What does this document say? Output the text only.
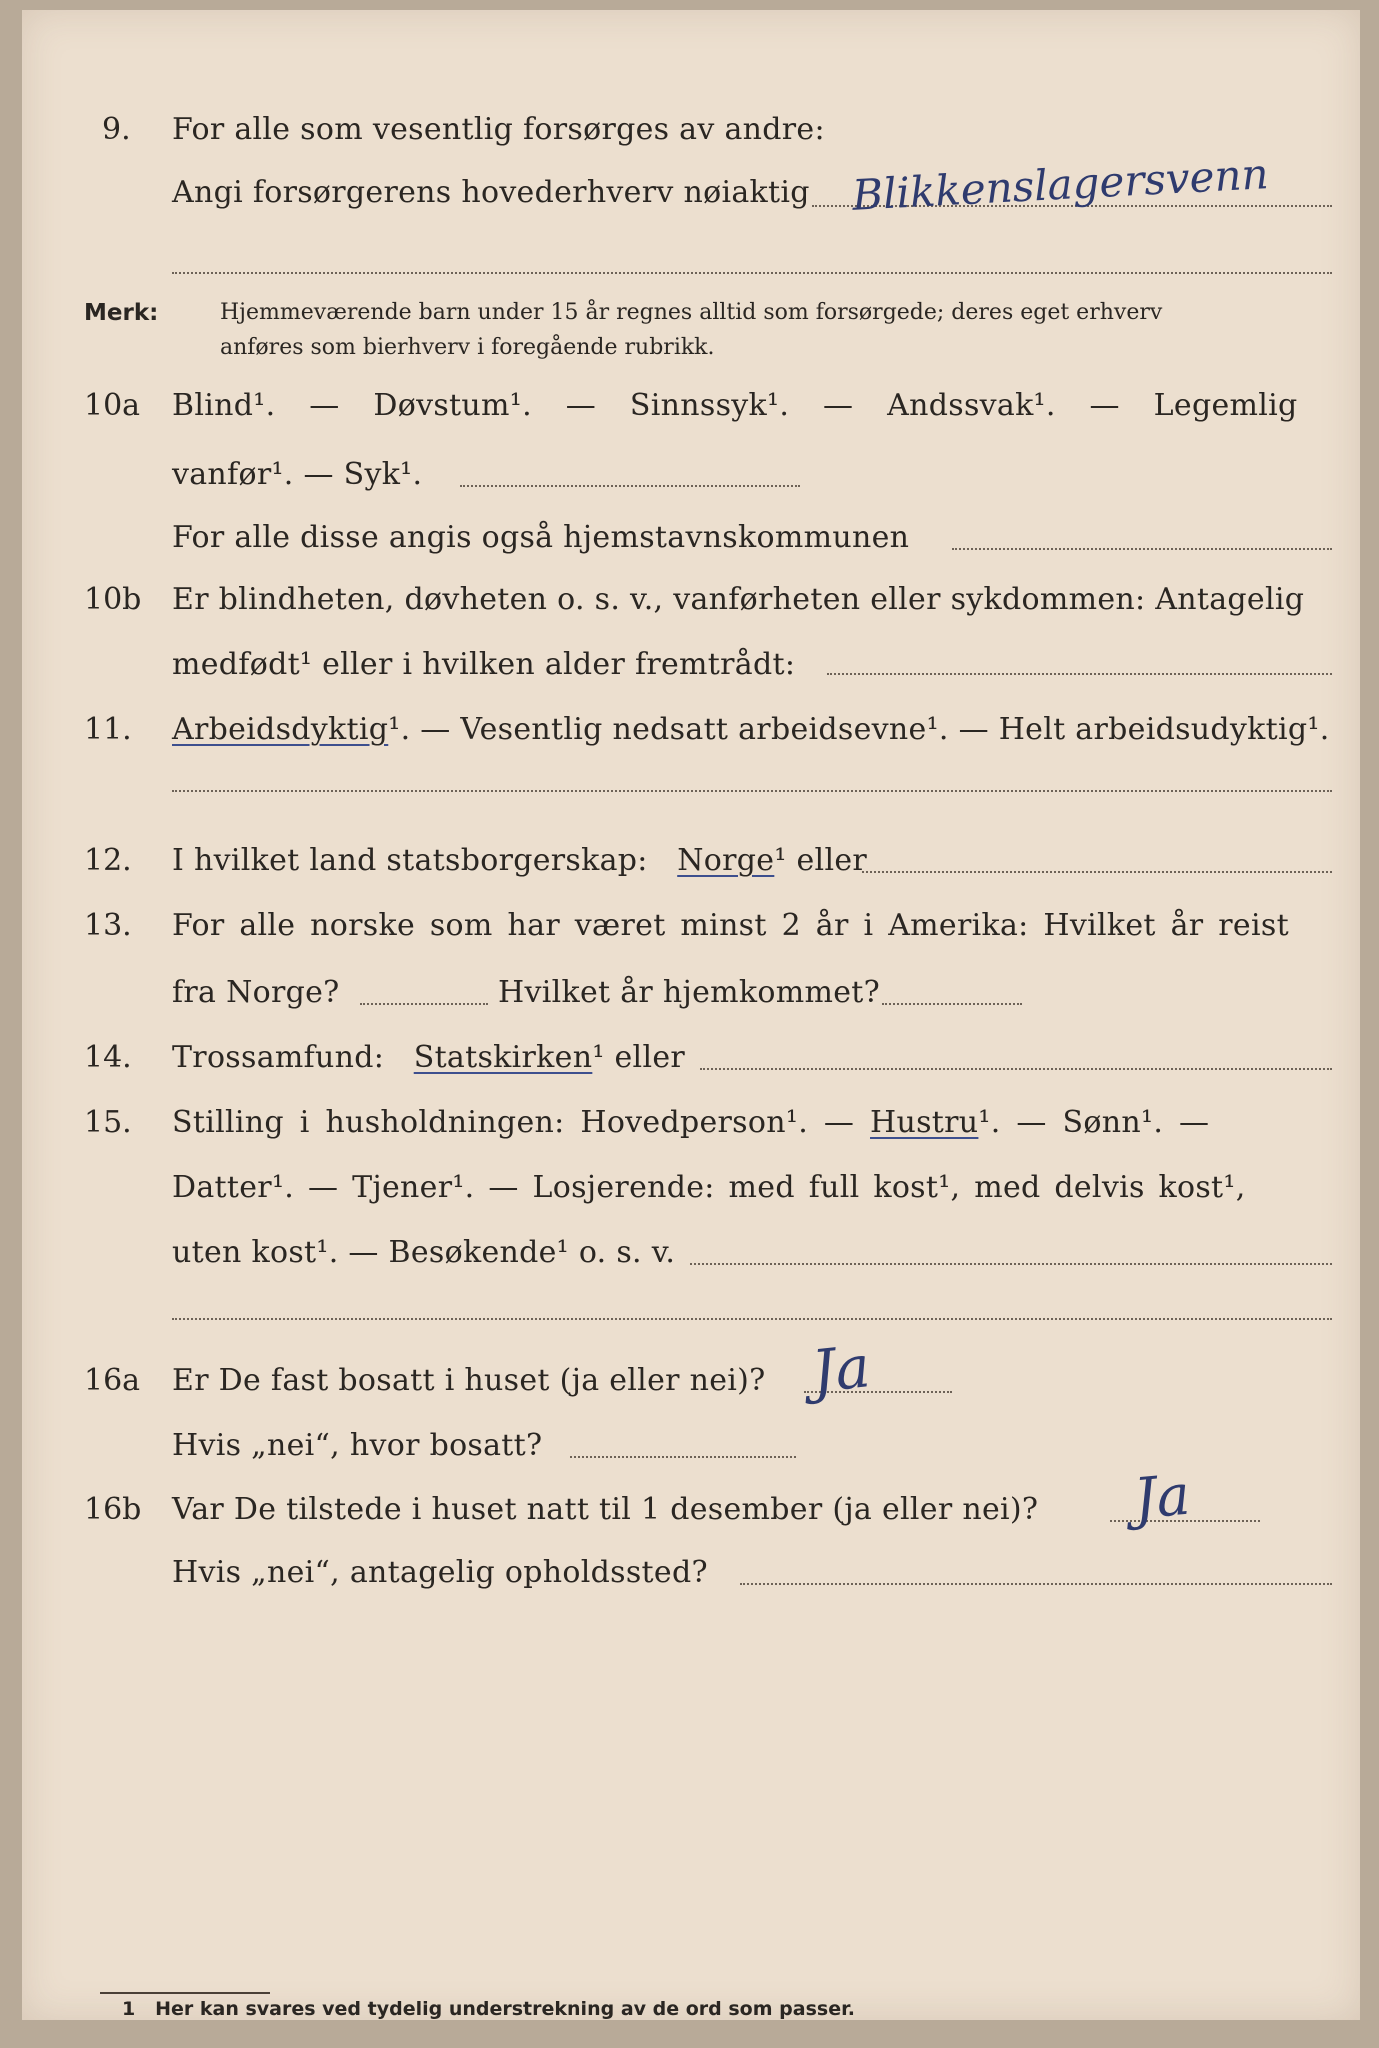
9. For alle som vesentlig forsørges av andre:
Angi forsørgerens hovederhverv nøiaktig Blikkenslagersvenn
Merk:	Hjemmeværende barn under 15 år regnes alltid som forsørgede; deres eget erhverv
anføres som bierhverv i foregående rubrikk.
10a Blind¹. — Døvstum¹. — Sinnssyk¹. — Andssvak¹. — Legemlig
vanfør¹. — Syk¹.
For alle disse angis også hjemstavnskommunen
10b Er blindheten, døvheten o. s. v., vanførheten eller sykdommen: Antagelig
medfødt¹ eller i hvilken alder fremtrådt:
11. Arbeidsdyktig¹. — Vesentlig nedsatt arbeidsevne¹. — Helt arbeidsudyktig¹.
12. I hvilket land statsborgerskap: Norge¹ eller
13. For alle norske som har været minst 2 år i Amerika: Hvilket år reist
fra Norge?	Hvilket år hjemkommet?
14. Trossamfund: Statskirken¹ eller
15. Stilling i husholdningen: Hovedperson¹. — Hustru¹. — Sønn¹. —
Datter¹. — Tjener¹. — Losjerende: med full kost¹, med delvis kost¹,
uten kost¹. — Besøkende¹ o. s. v.
16a Er De fast bosatt i huset (ja eller nei)? Ja
Hvis „nei“, hvor bosatt?
16b Var De tilstede i huset natt til 1 desember (ja eller nei)? Ja
Hvis „nei“, antagelig opholdssted?
1 Her kan svares ved tydelig understrekning av de ord som passer.
